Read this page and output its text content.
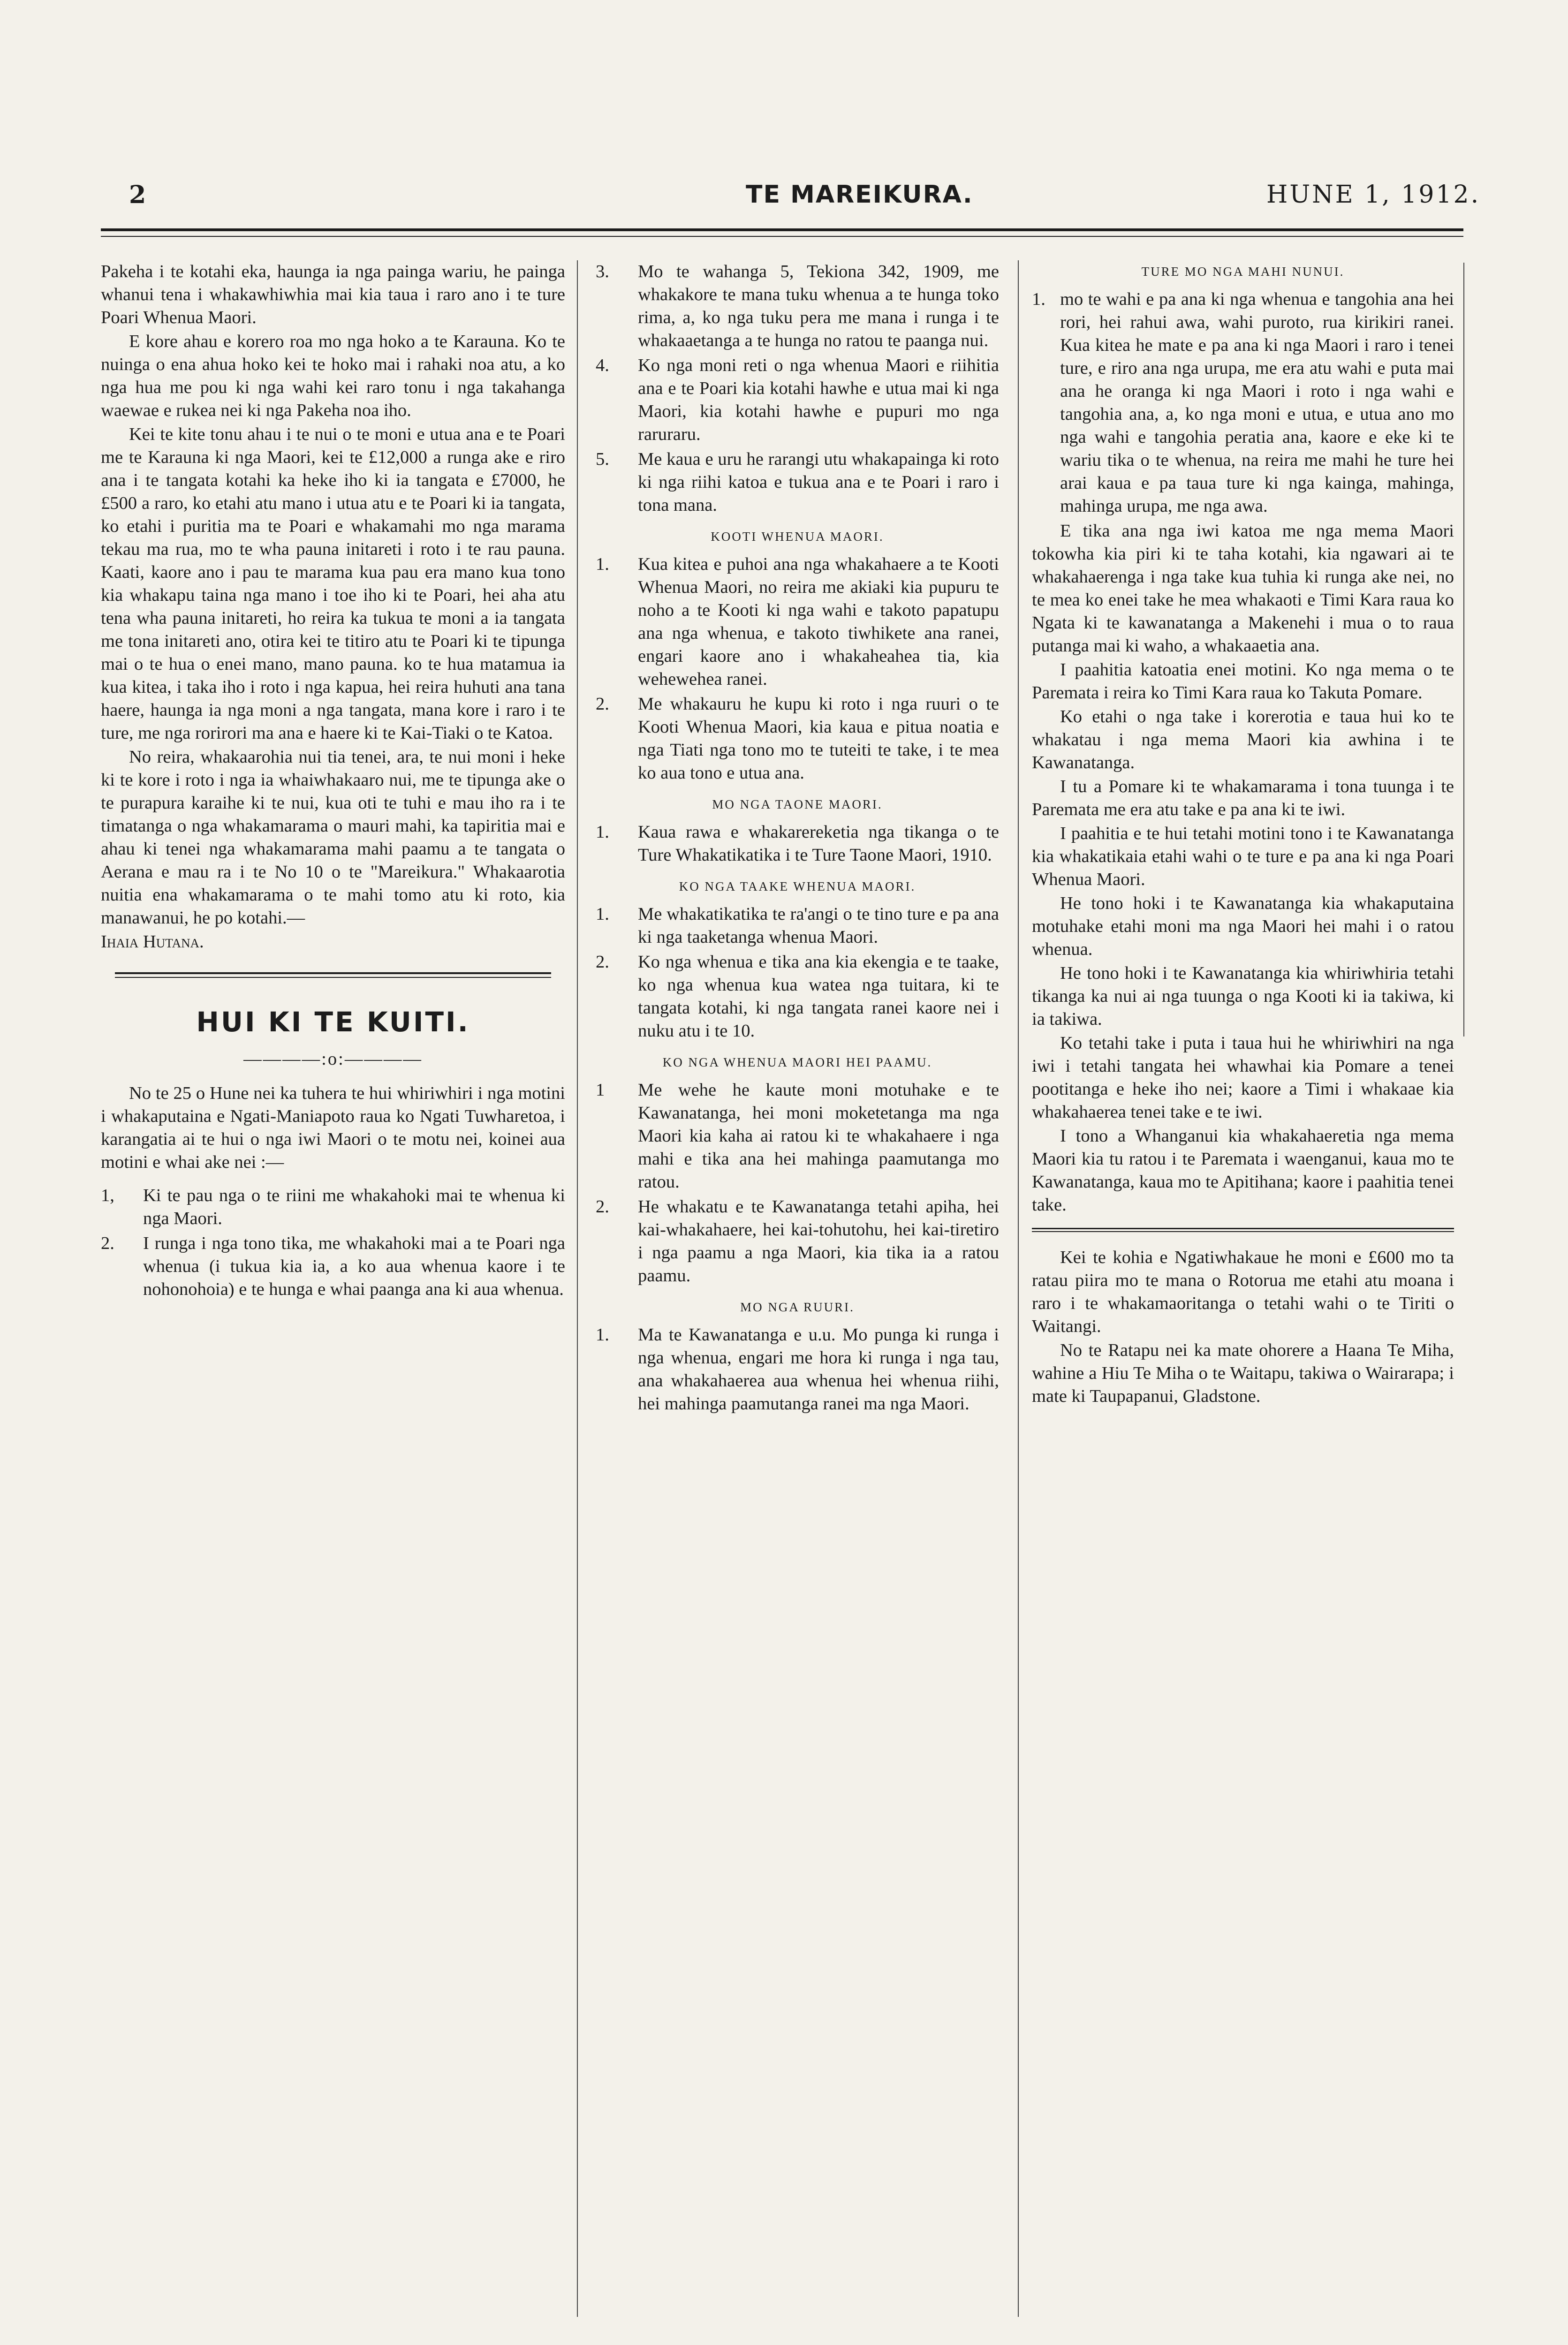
2	TE MAREIKURA.	HUNE 1, 1912.

Pakeha i te kotahi eka, haunga ia nga painga wariu, he painga whanui tena i whakawhiwhia mai kia taua i raro ano i te ture Poari Whenua Maori.

E kore ahau e korero roa mo nga hoko a te Karauna. Ko te nuinga o ena ahua hoko kei te hoko mai i rahaki noa atu, a ko nga hua me pou ki nga wahi kei raro tonu i nga takahanga waewae e rukea nei ki nga Pakeha noa iho.

Kei te kite tonu ahau i te nui o te moni e utua ana e te Poari me te Karauna ki nga Maori, kei te £12,000 a runga ake e riro ana i te tangata kotahi ka heke iho ki ia tangata e £7000, he £500 a raro, ko etahi atu mano i utua atu e te Poari ki ia tangata, ko etahi i puritia ma te Poari e whakamahi mo nga marama tekau ma rua, mo te wha pauna initareti i roto i te rau pauna. Kaati, kaore ano i pau te marama kua pau era mano kua tono kia whakapu taina nga mano i toe iho ki te Poari, hei aha atu tena wha pauna initareti, ho reira ka tukua te moni a ia tangata me tona initareti ano, otira kei te titiro atu te Poari ki te tipunga mai o te hua o enei mano, mano pauna. ko te hua matamua ia kua kitea, i taka iho i roto i nga kapua, hei reira huhuti ana tana haere, haunga ia nga moni a nga tangata, mana kore i raro i te ture, me nga rorirori ma ana e haere ki te Kai-Tiaki o te Katoa.

No reira, whakaarohia nui tia tenei, ara, te nui moni i heke ki te kore i roto i nga ia whaiwhakaaro nui, me te tipunga ake o te purapura karaihe ki te nui, kua oti te tuhi e mau iho ra i te timatanga o nga whakamarama o mauri mahi, ka tapiritia mai e ahau ki tenei nga whakamarama mahi paamu a te tangata o Aerana e mau ra i te No 10 o te "Mareikura." Whakaarotia nuitia ena whakamarama o te mahi tomo atu ki roto, kia manawanui, he po kotahi.—

Ihaia Hutana.

HUI KI TE KUITI.
————:o:————

No te 25 o Hune nei ka tuhera te hui whiriwhiri i nga motini i whakaputaina e Ngati-Maniapoto raua ko Ngati Tuwharetoa, i karangatia ai te hui o nga iwi Maori o te motu nei, koinei aua motini e whai ake nei :—

1,	Ki te pau nga o te riini me whakahoki mai te whenua ki nga Maori.
2.	I runga i nga tono tika, me whakahoki mai a te Poari nga whenua (i tukua kia ia, a ko aua whenua kaore i te nohonohoia) e te hunga e whai paanga ana ki aua whenua.
3.	Mo te wahanga 5, Tekiona 342, 1909, me whakakore te mana tuku whenua a te hunga toko rima, a, ko nga tuku pera me mana i runga i te whakaaetanga a te hunga no ratou te paanga nui.
4.	Ko nga moni reti o nga whenua Maori e riihitia ana e te Poari kia kotahi hawhe e utua mai ki nga Maori, kia kotahi hawhe e pupuri mo nga raruraru.
5.	Me kaua e uru he rarangi utu whakapainga ki roto ki nga riihi katoa e tukua ana e te Poari i raro i tona mana.
KOOTI WHENUA MAORI.
1.	Kua kitea e puhoi ana nga whakahaere a te Kooti Whenua Maori, no reira me akiaki kia pupuru te noho a te Kooti ki nga wahi e takoto papatupu ana nga whenua, e takoto tiwhikete ana ranei, engari kaore ano i whakaheahea tia, kia wehewehea ranei.
2.	Me whakauru he kupu ki roto i nga ruuri o te Kooti Whenua Maori, kia kaua e pitua noatia e nga Tiati nga tono mo te tuteiti te take, i te mea ko aua tono e utua ana.
MO NGA TAONE MAORI.
1.	Kaua rawa e whakarereketia nga tikanga o te Ture Whakatikatika i te Ture Taone Maori, 1910.
KO NGA TAAKE WHENUA MAORI.
1.	Me whakatikatika te ra'angi o te tino ture e pa ana ki nga taaketanga whenua Maori.
2.	Ko nga whenua e tika ana kia ekengia e te taake, ko nga whenua kua watea nga tuitara, ki te tangata kotahi, ki nga tangata ranei kaore nei i nuku atu i te 10.
KO NGA WHENUA MAORI HEI PAAMU.
1	Me wehe he kaute moni motuhake e te Kawanatanga, hei moni moketetanga ma nga Maori kia kaha ai ratou ki te whakahaere i nga mahi e tika ana hei mahinga paamutanga mo ratou.
2.	He whakatu e te Kawanatanga tetahi apiha, hei kai-whakahaere, hei kai-tohutohu, hei kai-tiretiro i nga paamu a nga Maori, kia tika ia a ratou paamu.
MO NGA RUURI.
1.	Ma te Kawanatanga e u.u. Mo punga ki runga i nga whenua, engari me hora ki runga i nga tau, ana whakahaerea aua whenua hei whenua riihi, hei mahinga paamutanga ranei ma nga Maori.
TURE MO NGA MAHI NUNUI.
1. mo te wahi e pa ana ki nga whenua e tangohia ana hei rori, hei rahui awa, wahi puroto, rua kirikiri ranei. Kua kitea he mate e pa ana ki nga Maori i raro i tenei ture, e riro ana nga urupa, me era atu wahi e puta mai ana he oranga ki nga Maori i roto i nga wahi e tangohia ana, a, ko nga moni e utua, e utua ano mo nga wahi e tangohia peratia ana, kaore e eke ki te wariu tika o te whenua, na reira me mahi he ture hei arai kaua e pa taua ture ki nga kainga, mahinga, mahinga urupa, me nga awa.

E tika ana nga iwi katoa me nga mema Maori tokowha kia piri ki te taha kotahi, kia ngawari ai te whakahaerenga i nga take kua tuhia ki runga ake nei, no te mea ko enei take he mea whakaoti e Timi Kara raua ko Ngata ki te kawanatanga a Makenehi i mua o to raua putanga mai ki waho, a whakaaetia ana.

I paahitia katoatia enei motini. Ko nga mema o te Paremata i reira ko Timi Kara raua ko Takuta Pomare.

Ko etahi o nga take i korerotia e taua hui ko te whakatau i nga mema Maori kia awhina i te Kawanatanga.

I tu a Pomare ki te whakamarama i tona tuunga i te Paremata me era atu take e pa ana ki te iwi.

I paahitia e te hui tetahi motini tono i te Kawanatanga kia whakatikaia etahi wahi o te ture e pa ana ki nga Poari Whenua Maori.

He tono hoki i te Kawanatanga kia whakaputaina motuhake etahi moni ma nga Maori hei mahi i o ratou whenua.

He tono hoki i te Kawanatanga kia whiriwhiria tetahi tikanga ka nui ai nga tuunga o nga Kooti ki ia takiwa, ki ia takiwa.

Ko tetahi take i puta i taua hui he whiriwhiri na nga iwi i tetahi tangata hei whawhai kia Pomare a tenei pootitanga e heke iho nei; kaore a Timi i whakaae kia whakahaerea tenei take e te iwi.

I tono a Whanganui kia whakahaeretia nga mema Maori kia tu ratou i te Paremata i waenganui, kaua mo te Kawanatanga, kaua mo te Apitihana; kaore i paahitia tenei take.

Kei te kohia e Ngatiwhakaue he moni e £600 mo ta ratau piira mo te mana o Rotorua me etahi atu moana i raro i te whakamaoritanga o tetahi wahi o te Tiriti o Waitangi.

No te Ratapu nei ka mate ohorere a Haana Te Miha, wahine a Hiu Te Miha o te Waitapu, takiwa o Wairarapa; i mate ki Taupapanui, Gladstone.
